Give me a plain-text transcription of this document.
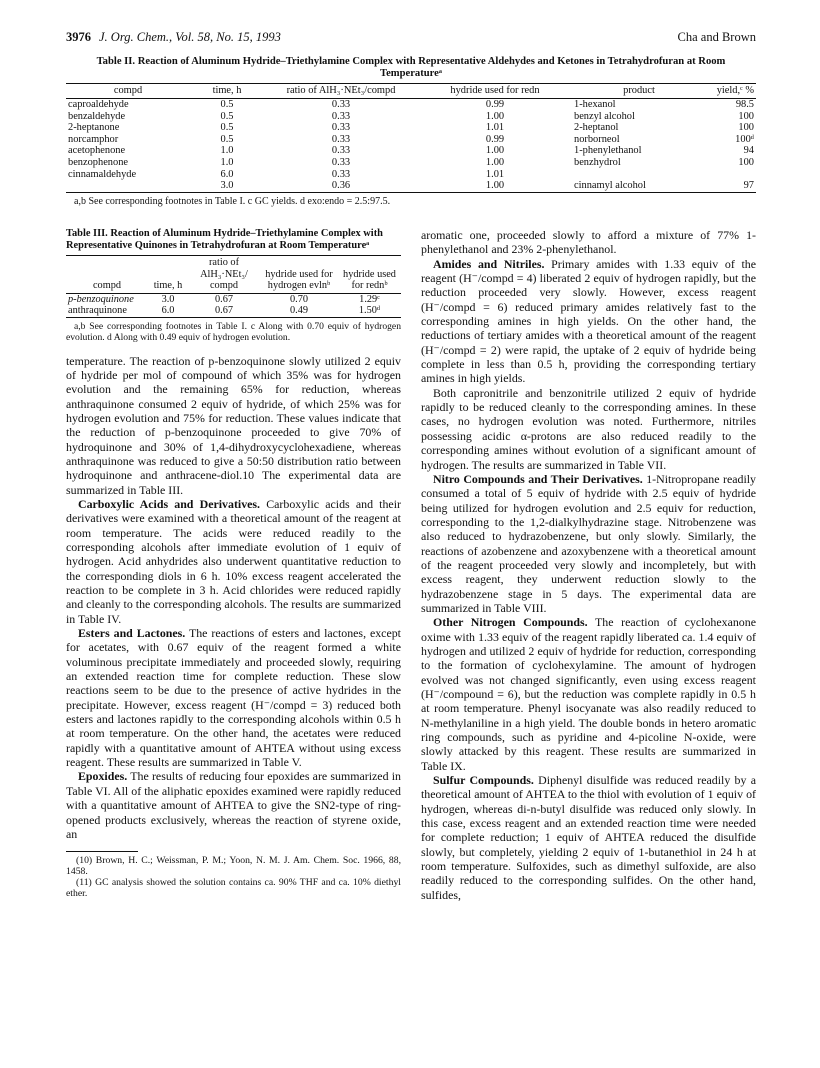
3976 J. Org. Chem., Vol. 58, No. 15, 1993	Cha and Brown
Table II. Reaction of Aluminum Hydride–Triethylamine Complex with Representative Aldehydes and Ketones in Tetrahydrofuran at Room Temperatureᵃ
compd	time, h	ratio of AlH₃·NEt₃/compd	hydride used for redn	product	yield,ᶜ %
caproaldehyde	0.5	0.33	0.99	1-hexanol	98.5
benzaldehyde	0.5	0.33	1.00	benzyl alcohol	100
2-heptanone	0.5	0.33	1.01	2-heptanol	100
norcamphor	0.5	0.33	0.99	norborneol	100ᵈ
acetophenone	1.0	0.33	1.00	1-phenylethanol	94
benzophenone	1.0	0.33	1.00	benzhydrol	100
cinnamaldehyde	6.0	0.33	1.01		
	3.0	0.36	1.00	cinnamyl alcohol	97
a,b See corresponding footnotes in Table I. c GC yields. d exo:endo = 2.5:97.5.
Table III. Reaction of Aluminum Hydride–Triethylamine Complex with Representative Quinones in Tetrahydrofuran at Room Temperatureᵃ
compd	time, h	ratio of AlH₃·NEt₃/ compd	hydride used for hydrogen evlnᵇ	hydride used for rednᵇ
p-benzoquinone	3.0	0.67	0.70	1.29ᶜ
anthraquinone	6.0	0.67	0.49	1.50ᵈ
a,b See corresponding footnotes in Table I. c Along with 0.70 equiv of hydrogen evolution. d Along with 0.49 equiv of hydrogen evolution.

temperature. The reaction of p-benzoquinone slowly utilized 2 equiv of hydride per mol of compound of which 35% was for hydrogen evolution and the remaining 65% for reduction, whereas anthraquinone consumed 2 equiv of hydride, of which 25% was for hydrogen evolution and 75% for reduction. These values indicate that the reduction of p-benzoquinone proceeded to give 70% of hydroquinone and 30% of 1,4-dihydroxycyclohexadiene, whereas anthraquinone was reduced to give a 50:50 distribution ratio between hydroquinone and anthracene-diol.10 The experimental data are summarized in Table III.

Carboxylic Acids and Derivatives. Carboxylic acids and their derivatives were examined with a theoretical amount of the reagent at room temperature. The acids were reduced readily to the corresponding alcohols after immediate evolution of 1 equiv of hydrogen. Acid anhydrides also underwent quantitative reduction to the corresponding diols in 6 h. 10% excess reagent accelerated the reaction to be complete in 3 h. Acid chlorides were reduced rapidly and cleanly to the corresponding alcohols. The results are summarized in Table IV.

Esters and Lactones. The reactions of esters and lactones, except for acetates, with 0.67 equiv of the reagent formed a white voluminous precipitate immediately and proceeded slowly, requiring an extended reaction time for complete reduction. These slow reactions seem to be due to the presence of active hydrides in the precipitate. However, excess reagent (H⁻/compd = 3) reduced both esters and lactones rapidly to the corresponding alcohols within 0.5 h at room temperature. On the other hand, the acetates were reduced rapidly with a quantitative amount of AHTEA without using excess reagent. These results are summarized in Table V.

Epoxides. The results of reducing four epoxides are summarized in Table VI. All of the aliphatic epoxides examined were rapidly reduced with a quantitative amount of AHTEA to give the SN2-type of ring-opened products exclusively, whereas the reaction of styrene oxide, an

(10) Brown, H. C.; Weissman, P. M.; Yoon, N. M. J. Am. Chem. Soc. 1966, 88, 1458.

(11) GC analysis showed the solution contains ca. 90% THF and ca. 10% diethyl ether.

aromatic one, proceeded slowly to afford a mixture of 77% 1-phenylethanol and 23% 2-phenylethanol.

Amides and Nitriles. Primary amides with 1.33 equiv of the reagent (H⁻/compd = 4) liberated 2 equiv of hydrogen rapidly, but the reduction proceeded very slowly. However, excess reagent (H⁻/compd = 6) reduced primary amides relatively fast to the corresponding amines in high yields. On the other hand, the reductions of tertiary amides with a theoretical amount of the reagent (H⁻/compd = 2) were rapid, the uptake of 2 equiv of hydride being complete in less than 0.5 h, providing the corresponding tertiary amines in high yields.

Both capronitrile and benzonitrile utilized 2 equiv of hydride rapidly to be reduced cleanly to the corresponding amines. In these cases, no hydrogen evolution was noted. Furthermore, nitriles possessing acidic α-protons are also reduced readily to the corresponding amines without evolution of a significant amount of hydrogen. The results are summarized in Table VII.

Nitro Compounds and Their Derivatives. 1-Nitropropane readily consumed a total of 5 equiv of hydride with 2.5 equiv of hydride being utilized for hydrogen evolution and 2.5 equiv for reduction, corresponding to the 1,2-dialkylhydrazine stage. Nitrobenzene was also reduced to hydrazobenzene, but only slowly. Similarly, the reactions of azobenzene and azoxybenzene with a theoretical amount of the reagent proceeded very slowly and incompletely, but with excess reagent, they underwent reduction slowly to the hydrazobenzene stage in 5 days. The experimental data are summarized in Table VIII.

Other Nitrogen Compounds. The reaction of cyclohexanone oxime with 1.33 equiv of the reagent rapidly liberated ca. 1.4 equiv of hydrogen and utilized 2 equiv of hydride for reduction, corresponding to the formation of cyclohexylamine. The amount of hydrogen evolved was not changed significantly, even using excess reagent (H⁻/compound = 6), but the reduction was complete rapidly in 0.5 h at room temperature. Phenyl isocyanate was also readily reduced to N-methylaniline in a high yield. The double bonds in hetero aromatic ring compounds, such as pyridine and 4-picoline N-oxide, were slowly attacked by this reagent. These results are summarized in Table IX.

Sulfur Compounds. Diphenyl disulfide was reduced readily by a theoretical amount of AHTEA to the thiol with evolution of 1 equiv of hydrogen, whereas di-n-butyl disulfide was reduced only slowly. In this case, excess reagent and an extended reaction time were needed for complete reduction; 1 equiv of AHTEA reduced the disulfide slowly, but completely, yielding 2 equiv of 1-butanethiol in 24 h at room temperature. Sulfoxides, such as dimethyl sulfoxide, are also readily reduced to the corresponding sulfides. On the other hand, sulfides,
